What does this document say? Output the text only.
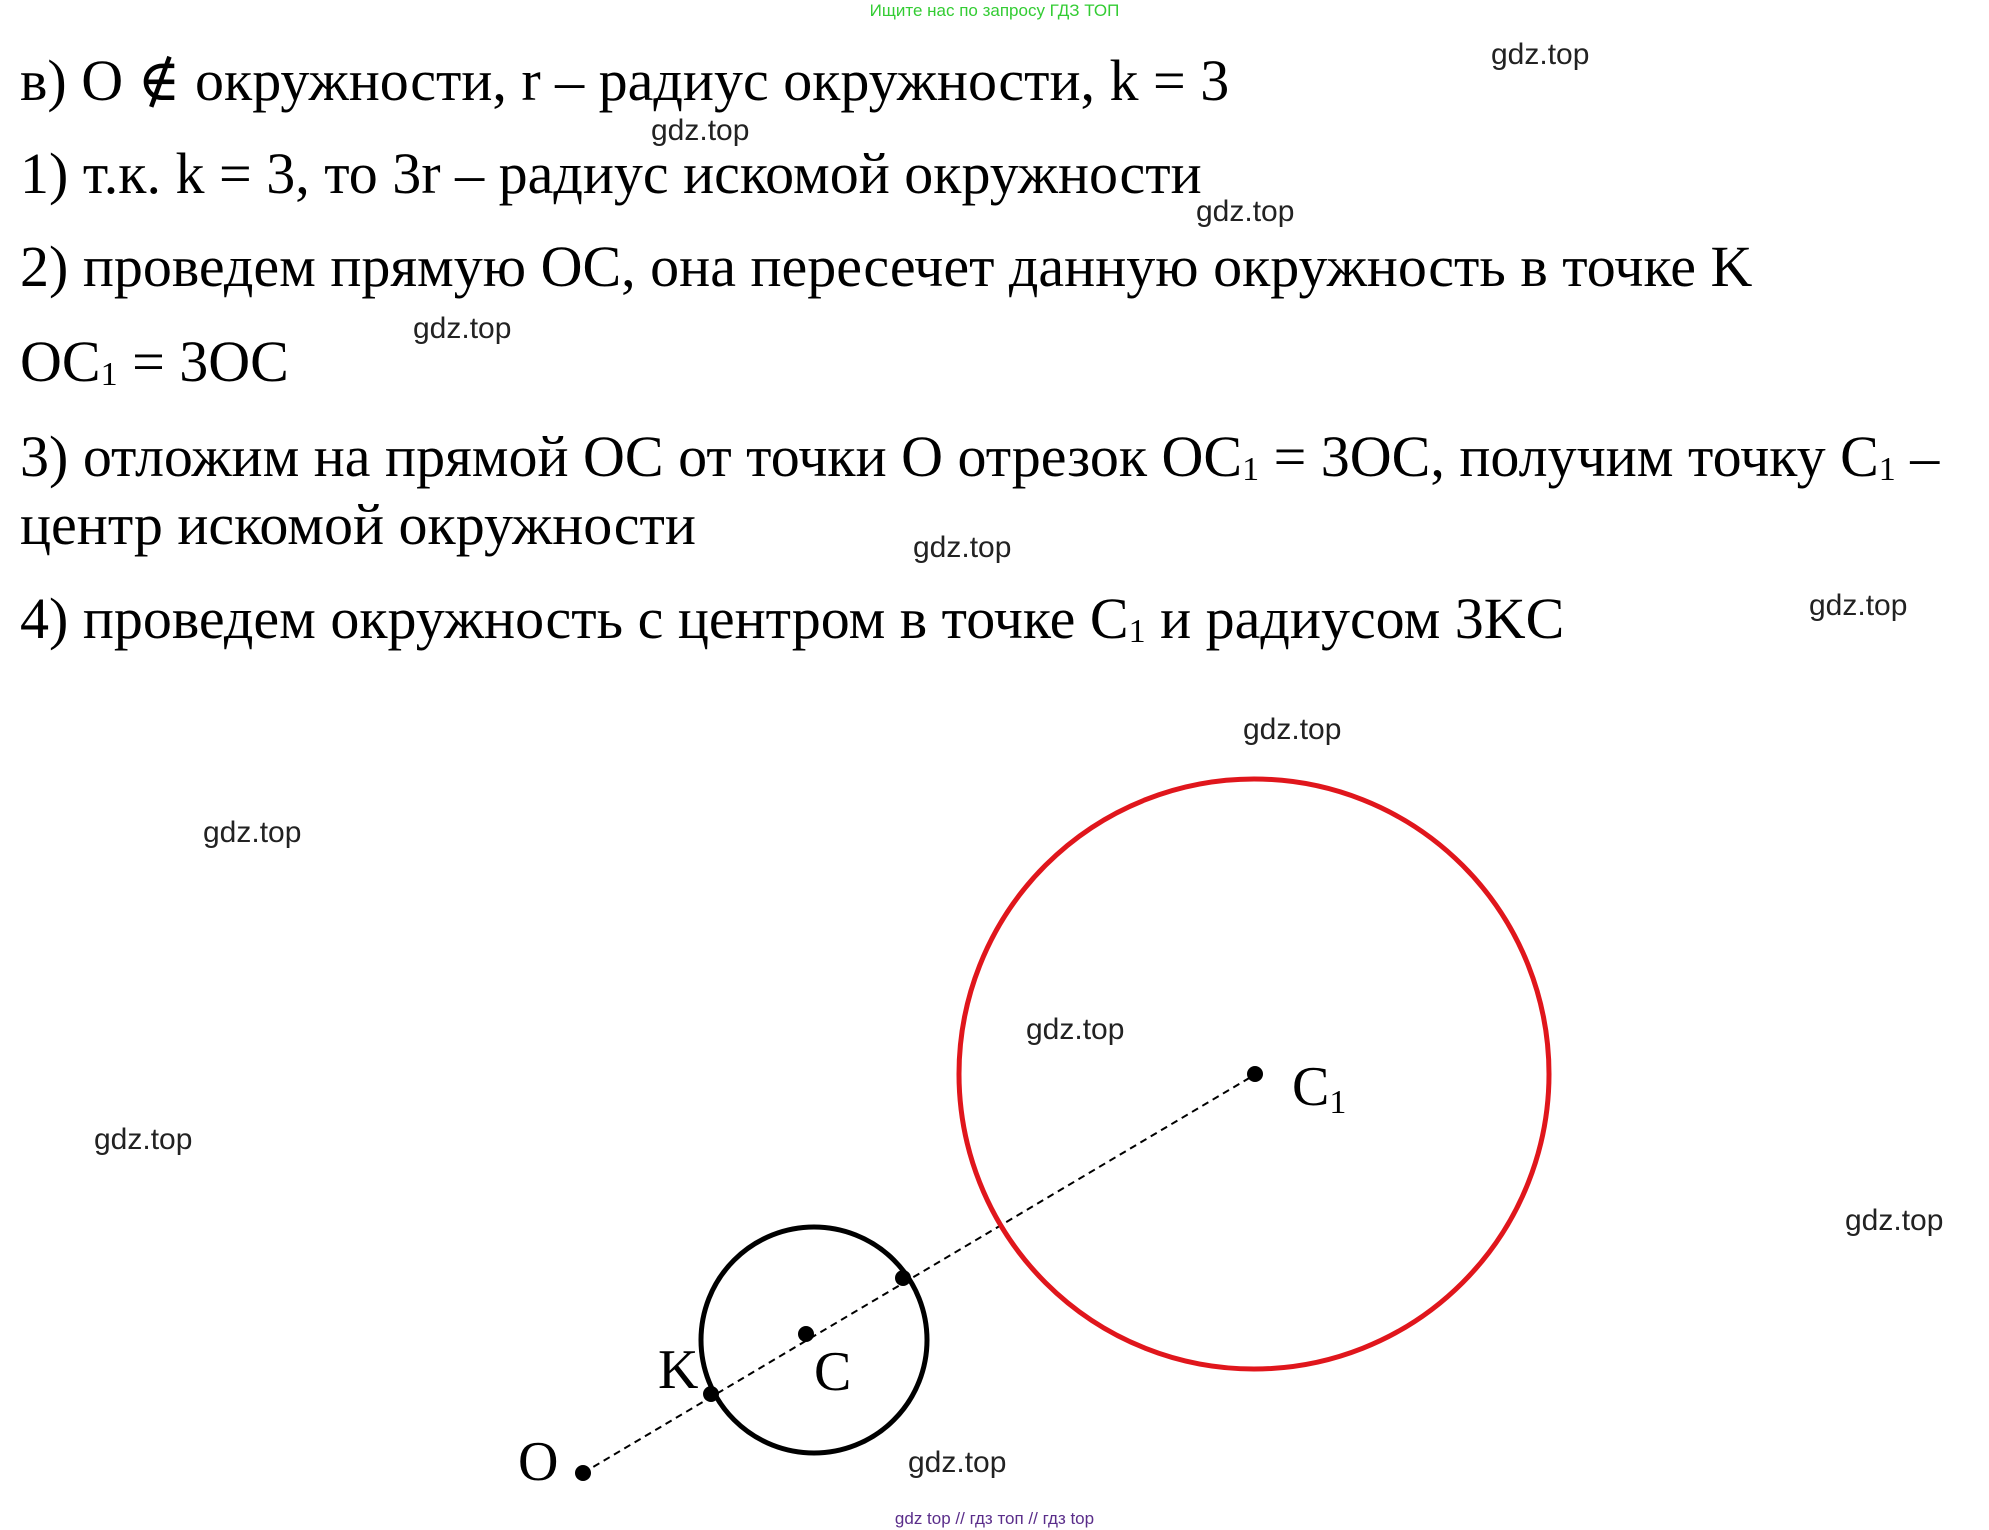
Ищите нас по запросу ГДЗ ТОП
в) O ∉ окружности, r – радиус окружности, k = 3
1) т.к. k = 3, то 3r – радиус искомой окружности
2) проведем прямую OC, она пересечет данную окружность в точке K
$OC_1 = 3OC$
3) отложим на прямой OC от точки O отрезок $OC_1 = 3OC$, получим точку $C_1$ –
центр искомой окружности
4) проведем окружность с центром в точке $C_1$ и радиусом 3KC
gdz.top
gdz.top
gdz.top
gdz.top
gdz.top
gdz.top
gdz.top
gdz.top
gdz.top
gdz.top
gdz.top
gdz.top
O
K C
C1
gdz top // гдз топ // гдз top
